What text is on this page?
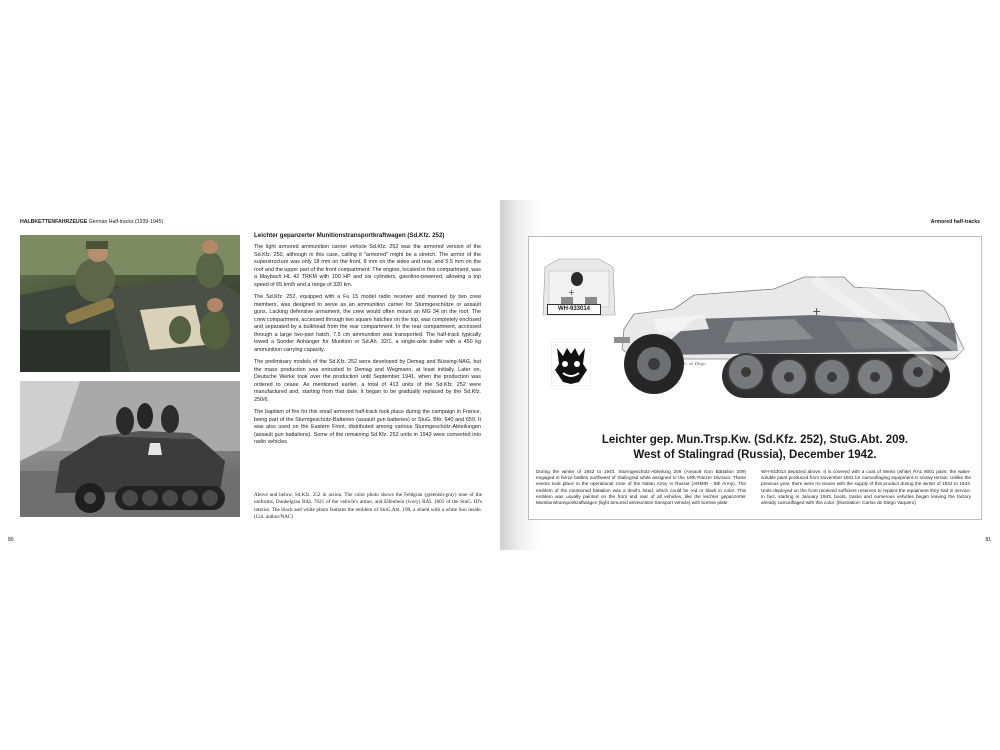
HALBKETTENFAHRZEUGE German Half-tracks (1939-1945)
Leichter gepanzerter Munitionstransportkraftwagen (Sd.Kfz. 252)

The light armored ammunition carrier vehicle Sd.Kfz. 252 was the armored version of the Sd.Kfz. 250, although in this case, calling it "armored" might be a stretch. The armor of the superstructure was only 18 mm on the front, 8 mm on the sides and rear, and 5.5 mm on the roof and the upper part of the front compartment. The engine, located in this compartment, was a Maybach HL 42 TRKM with 100 HP and six cylinders, gasoline-powered, allowing a top speed of 65 km/h and a range of 320 km.

The Sd.Kfz. 252, equipped with a Fu 15 model radio receiver and manned by two crew members, was designed to serve as an ammunition carrier for Sturmgeschütze or assault guns. Lacking defensive armament, the crew would often mount an MG 34 on the roof. The crew compartment, accessed through two square hatches on the top, was completely enclosed and separated by a bulkhead from the rear compartment. In the rear compartment, accessed through a large two-part hatch, 7.5 cm ammunition was transported. The half-track typically towed a Sonder Anhänger für Munition or Sd.Ah. 32/1, a single-axle trailer with a 450 kg ammunition carrying capacity.

The preliminary models of the Sd.Kfz. 252 were developed by Demag and Büssing-NAG, but the mass production was entrusted to Demag and Wegmann, at least initially. Later on, Deutsche Werke took over the production until September 1941, when the production was ordered to cease. As mentioned earlier, a total of 413 units of the Sd.Kfz. 252 were manufactured and, starting from that date, it began to be gradually replaced by the Sd.Kfz. 250/6.

The baptism of fire for this small armored half-track took place during the campaign in France, being part of the Sturmgeschütz-Batterien (assault gun batteries) or StuG. Bttr. 640 and 659. It was also used on the Eastern Front, distributed among various Sturmgeschütz-Abteilungen (assault gun battalions). Some of the remaining Sd.Kfz. 252 units in 1943 were converted into radio vehicles.

Above and below. Sd.Kfz. 252 in action. The color photo shows the Feldgrau (greenish-gray) tone of the uniforms, Dunkelgrau RAL 7021 of the vehicle's armor, and Elfenbein (ivory) RAL 1001 of the StuG. III's interior. The black and white photo features the emblem of StuG.Abt. 190, a shield with a white lion inside. (Col. author/NAC)
80
Armored half-tracks
+
WH-933014	+
C. de Diego
Leichter gep. Mun.Trsp.Kw. (Sd.Kfz. 252), StuG.Abt. 209.
West of Stalingrad (Russia), December 1942.
During the winter of 1942 to 1943, Sturmgeschütz-Abteilung 209 (Assault Gun Battalion 209) engaged in fierce battles northwest of Stalingrad while assigned to the 19th Panzer Division. These events took place in the operational zone of the Italian Army in Russia (ARMIR - 8th Army). The emblem of the mentioned battalion was a devil's head, which could be red or black in color. This emblem was usually painted on the front and rear of all vehicles, like the leichter gepanzerter Munitionstransportkraftwagen (light armored ammunition transport vehicle) with license plate
WH-933014 depicted above. It is covered with a coat of Weiss (white) RAL 9001 paint, the water-soluble paint produced from November 1941 for camouflaging equipment in snowy terrain. Unlike the previous year, there were no issues with the supply of this product during the winter of 1942 to 1943. Units deployed on the front received sufficient reserves to repaint the equipment they had in service. In fact, starting in January 1943, boots, tracks and numerous vehicles began leaving the factory already camouflaged with this color. (Illustration: Carlos de Diego Vaquero)
81
